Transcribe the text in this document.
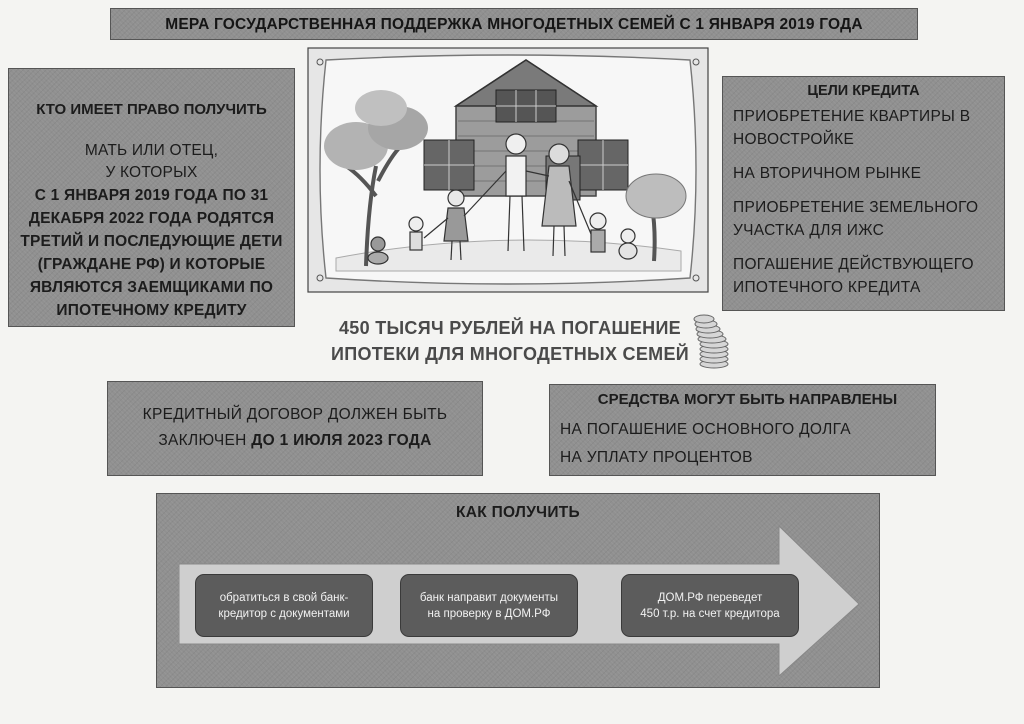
МЕРА ГОСУДАРСТВЕННАЯ ПОДДЕРЖКА МНОГОДЕТНЫХ СЕМЕЙ С 1 ЯНВАРЯ 2019 ГОДА
КТО ИМЕЕТ ПРАВО ПОЛУЧИТЬ
МАТЬ ИЛИ ОТЕЦ,
У КОТОРЫХ
С 1 ЯНВАРЯ 2019 ГОДА ПО 31 ДЕКАБРЯ 2022 ГОДА РОДЯТСЯ ТРЕТИЙ И ПОСЛЕДУЮЩИЕ ДЕТИ (ГРАЖДАНЕ РФ) И КОТОРЫЕ ЯВЛЯЮТСЯ ЗАЕМЩИКАМИ ПО ИПОТЕЧНОМУ КРЕДИТУ
ЦЕЛИ КРЕДИТА
ПРИОБРЕТЕНИЕ КВАРТИРЫ В НОВОСТРОЙКЕ
НА ВТОРИЧНОМ РЫНКЕ
ПРИОБРЕТЕНИЕ ЗЕМЕЛЬНОГО УЧАСТКА ДЛЯ ИЖС
ПОГАШЕНИЕ ДЕЙСТВУЮЩЕГО ИПОТЕЧНОГО КРЕДИТА
450 ТЫСЯЧ РУБЛЕЙ НА ПОГАШЕНИЕ
ИПОТЕКИ ДЛЯ МНОГОДЕТНЫХ СЕМЕЙ
КРЕДИТНЫЙ ДОГОВОР ДОЛЖЕН БЫТЬ
ЗАКЛЮЧЕН ДО 1 ИЮЛЯ 2023 ГОДА
СРЕДСТВА МОГУТ БЫТЬ НАПРАВЛЕНЫ
НА ПОГАШЕНИЕ ОСНОВНОГО ДОЛГА
НА УПЛАТУ ПРОЦЕНТОВ
КАК ПОЛУЧИТЬ
обратиться в свой банк-
кредитор с документами
банк направит документы
на проверку в ДОМ.РФ
ДОМ.РФ переведет
450 т.р. на счет кредитора
